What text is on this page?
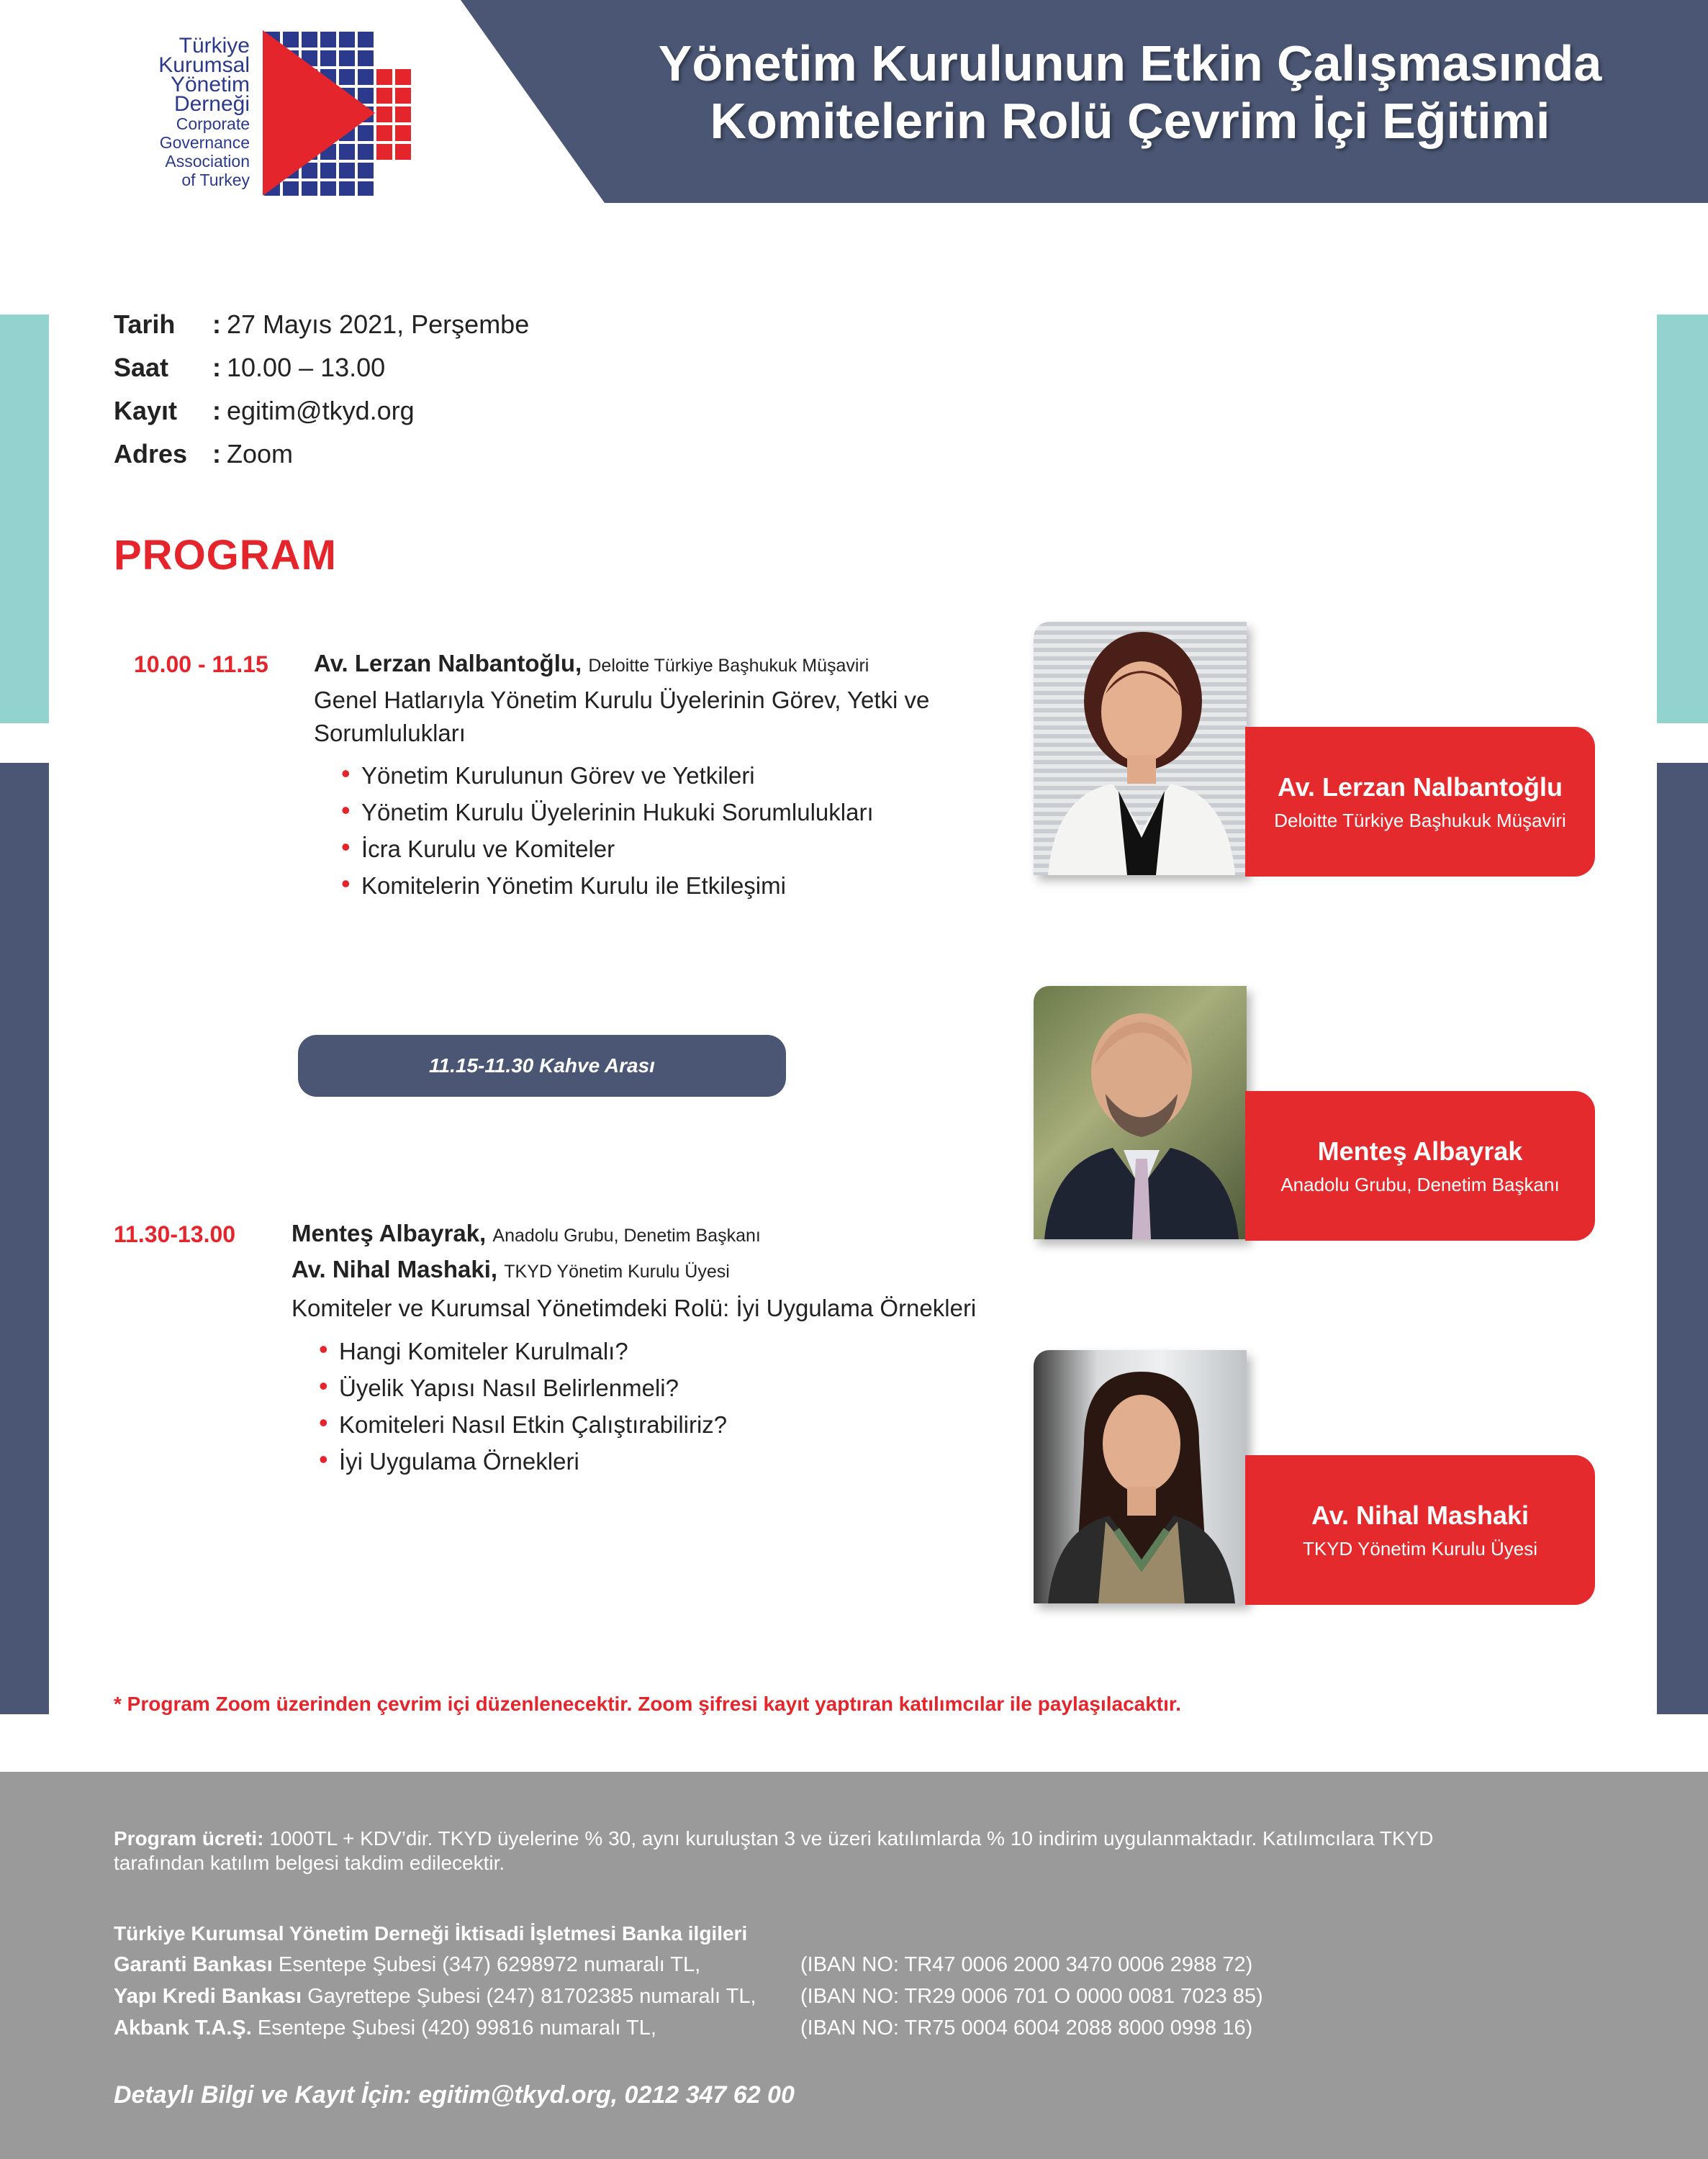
Yönetim Kurulunun Etkin Çalışmasında
Komitelerin Rolü Çevrim İçi Eğitimi
Türkiye
Kurumsal
Yönetim
Derneği
Corporate
Governance
Association
of Turkey
Tarih	: 27 Mayıs 2021, Perşembe
Saat	: 10.00 – 13.00
Kayıt	: egitim@tkyd.org
Adres : Zoom
PROGRAM
10.00 - 11.15 Av. Lerzan Nalbantoğlu, Deloitte Türkiye Başhukuk Müşaviri
Genel Hatlarıyla Yönetim Kurulu Üyelerinin Görev, Yetki ve
Sorumlulukları
• Yönetim Kurulunun Görev ve Yetkileri
• Yönetim Kurulu Üyelerinin Hukuki Sorumlulukları
• İcra Kurulu ve Komiteler
• Komitelerin Yönetim Kurulu ile Etkileşimi
11.15-11.30 Kahve Arası
11.30-13.00 Menteş Albayrak, Anadolu Grubu, Denetim Başkanı
Av. Nihal Mashaki, TKYD Yönetim Kurulu Üyesi
Komiteler ve Kurumsal Yönetimdeki Rolü: İyi Uygulama Örnekleri
• Hangi Komiteler Kurulmalı?
• Üyelik Yapısı Nasıl Belirlenmeli?
• Komiteleri Nasıl Etkin Çalıştırabiliriz?
• İyi Uygulama Örnekleri
Av. Lerzan Nalbantoğlu
Deloitte Türkiye Başhukuk Müşaviri
Menteş Albayrak
Anadolu Grubu, Denetim Başkanı
Av. Nihal Mashaki
TKYD Yönetim Kurulu Üyesi
* Program Zoom üzerinden çevrim içi düzenlenecektir. Zoom şifresi kayıt yaptıran katılımcılar ile paylaşılacaktır.
Program ücreti: 1000TL + KDV’dir. TKYD üyelerine % 30, aynı kuruluştan 3 ve üzeri katılımlarda % 10 indirim uygulanmaktadır. Katılımcılara TKYD
tarafından katılım belgesi takdim edilecektir.
Türkiye Kurumsal Yönetim Derneği İktisadi İşletmesi Banka ilgileri
Garanti Bankası Esentepe Şubesi (347) 6298972 numaralı TL,	(IBAN NO: TR47 0006 2000 3470 0006 2988 72)
Yapı Kredi Bankası Gayrettepe Şubesi (247) 81702385 numaralı TL, (IBAN NO: TR29 0006 701 O 0000 0081 7023 85)
Akbank T.A.Ş. Esentepe Şubesi (420) 99816 numaralı TL,	(IBAN NO: TR75 0004 6004 2088 8000 0998 16)
Detaylı Bilgi ve Kayıt İçin: egitim@tkyd.org, 0212 347 62 00
